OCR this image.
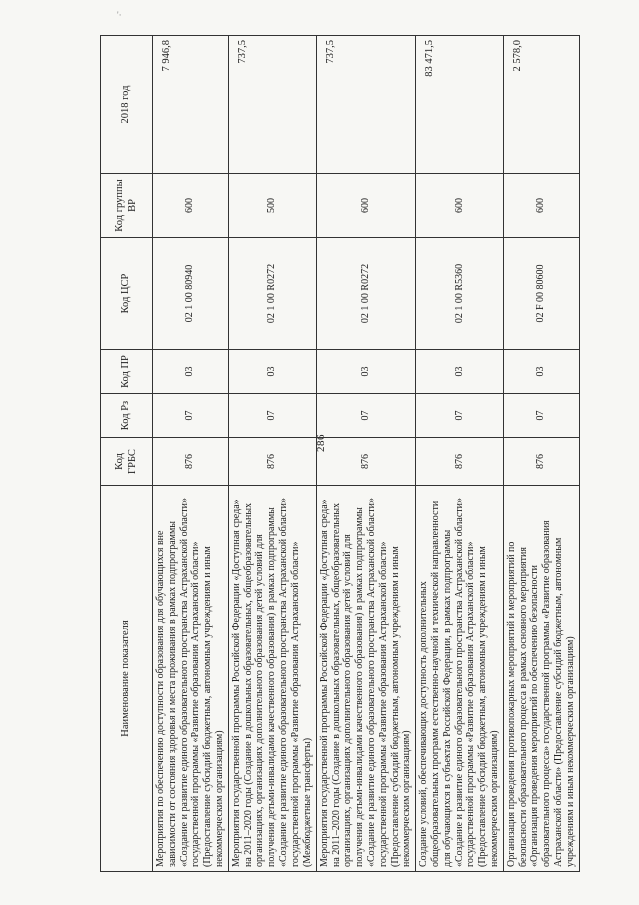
'·
286
Наименование показателя	Код ГРБС	Код Рз	Код ПР	Код ЦСР	Код группы ВР	2018 год
Мероприятия по обеспечению доступности образования для обучающихся вне зависимости от состояния здоровья и места проживания в рамках подпрограммы «Создание и развитие единого образовательного пространства Астраханской области» государственной программы «Развитие образования Астраханской области» (Предоставление субсидий бюджетным, автономным учреждениям и иным некоммерческим организациям)	876	07	03	02 1 00 80940	600	7 946,8
Мероприятия государственной программы Российской Федерации «Доступная среда» на 2011–2020 годы (Создание в дошкольных образовательных, общеобразовательных организациях, организациях дополнительного образования детей условий для получения детьми-инвалидами качественного образования) в рамках подпрограммы «Создание и развитие единого образовательного пространства Астраханской области» государственной программы «Развитие образования Астраханской области» (Межбюджетные трансферты)	876	07	03	02 1 00 R0272	500	737,5
Мероприятия государственной программы Российской Федерации «Доступная среда» на 2011–2020 годы (Создание в дошкольных образовательных, общеобразовательных организациях, организациях дополнительного образования детей условий для получения детьми-инвалидами качественного образования) в рамках подпрограммы «Создание и развитие единого образовательного пространства Астраханской области» государственной программы «Развитие образования Астраханской области» (Предоставление субсидий бюджетным, автономным учреждениям и иным некоммерческим организациям)	876	07	03	02 1 00 R0272	600	737,5
Создание условий, обеспечивающих доступность дополнительных общеобразовательных программ естественно-научной и технической направленности для обучающихся в субъектах Российской Федерации, в рамках подпрограммы «Создание и развитие единого образовательного пространства Астраханской области» государственной программы «Развитие образования Астраханской области» (Предоставление субсидий бюджетным, автономным учреждениям и иным некоммерческим организациям)	876	07	03	02 1 00 R5360	600	83 471,5
Организация проведения противопожарных мероприятий и мероприятий по безопасности образовательного процесса в рамках основного мероприятия «Организация проведения мероприятий по обеспечению безопасности образовательного процесса» государственной программы «Развитие образования Астраханской области» (Предоставление субсидий бюджетным, автономным учреждениям и иным некоммерческим организациям)	876	07	03	02 F 00 80600	600	2 578,0
